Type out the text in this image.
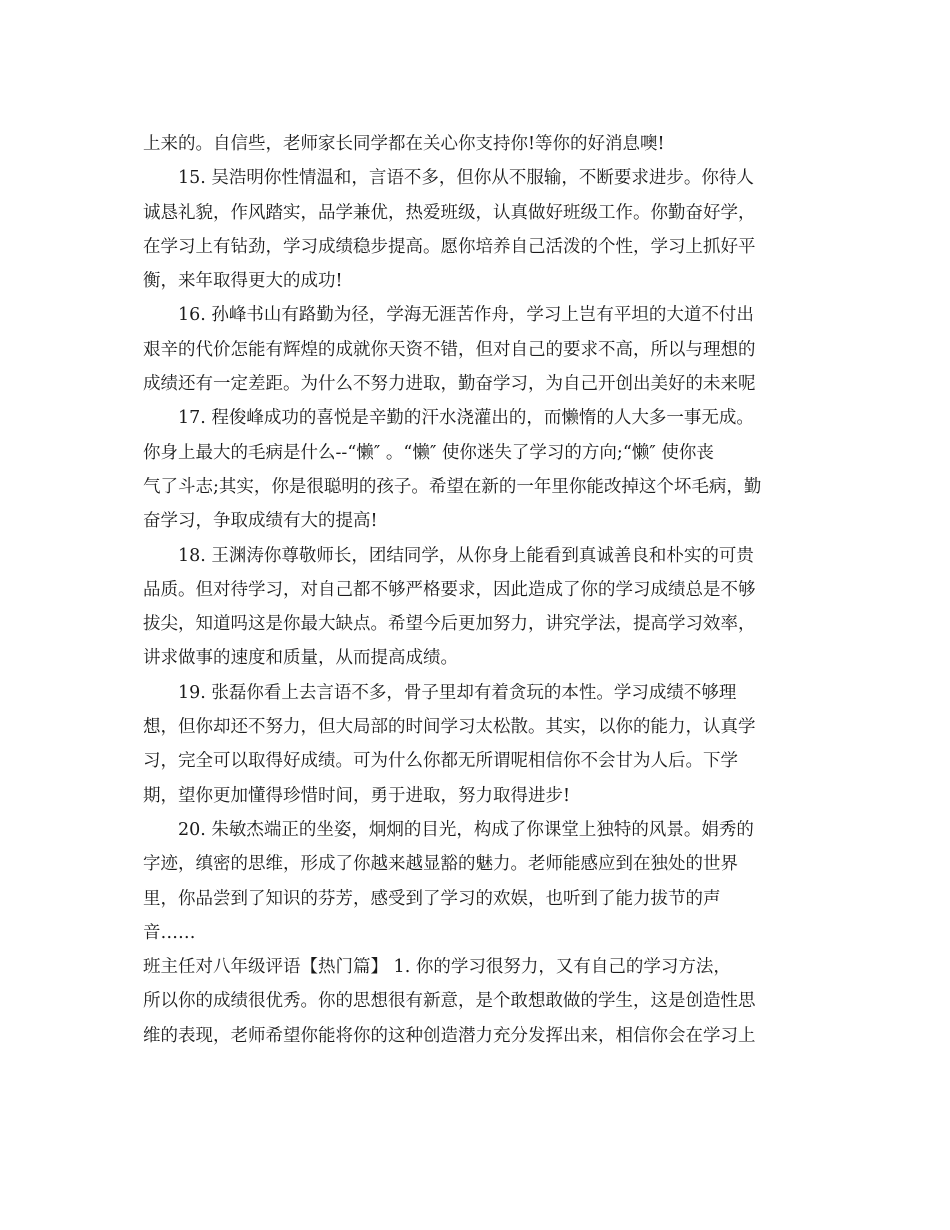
上来的。自信些，老师家长同学都在关心你支持你!等你的好消息噢!
15. 吴浩明你性情温和，言语不多，但你从不服输，不断要求进步。你待人
诚恳礼貌，作风踏实，品学兼优，热爱班级，认真做好班级工作。你勤奋好学，
在学习上有钻劲，学习成绩稳步提高。愿你培养自己活泼的个性，学习上抓好平
衡，来年取得更大的成功!
16. 孙峰书山有路勤为径，学海无涯苦作舟，学习上岂有平坦的大道不付出
艰辛的代价怎能有辉煌的成就你天资不错，但对自己的要求不高，所以与理想的
成绩还有一定差距。为什么不努力进取，勤奋学习，为自己开创出美好的未来呢
17. 程俊峰成功的喜悦是辛勤的汗水浇灌出的，而懒惰的人大多一事无成。
你身上最大的毛病是什么--“懒″ 。“懒″ 使你迷失了学习的方向;“懒″ 使你丧
气了斗志;其实，你是很聪明的孩子。希望在新的一年里你能改掉这个坏毛病，勤
奋学习，争取成绩有大的提高!
18. 王渊涛你尊敬师长，团结同学，从你身上能看到真诚善良和朴实的可贵
品质。但对待学习，对自己都不够严格要求，因此造成了你的学习成绩总是不够
拔尖，知道吗这是你最大缺点。希望今后更加努力，讲究学法，提高学习效率，
讲求做事的速度和质量，从而提高成绩。
19. 张磊你看上去言语不多，骨子里却有着贪玩的本性。学习成绩不够理
想，但你却还不努力，但大局部的时间学习太松散。其实，以你的能力，认真学
习，完全可以取得好成绩。可为什么你都无所谓呢相信你不会甘为人后。下学
期，望你更加懂得珍惜时间，勇于进取，努力取得进步!
20. 朱敏杰端正的坐姿，炯炯的目光，构成了你课堂上独特的风景。娟秀的
字迹，缜密的思维，形成了你越来越显豁的魅力。老师能感应到在独处的世界
里，你品尝到了知识的芬芳，感受到了学习的欢娱，也听到了能力拔节的声
音……
班主任对八年级评语【热门篇】 1. 你的学习很努力，又有自己的学习方法，
所以你的成绩很优秀。你的思想很有新意，是个敢想敢做的学生，这是创造性思
维的表现，老师希望你能将你的这种创造潜力充分发挥出来，相信你会在学习上
